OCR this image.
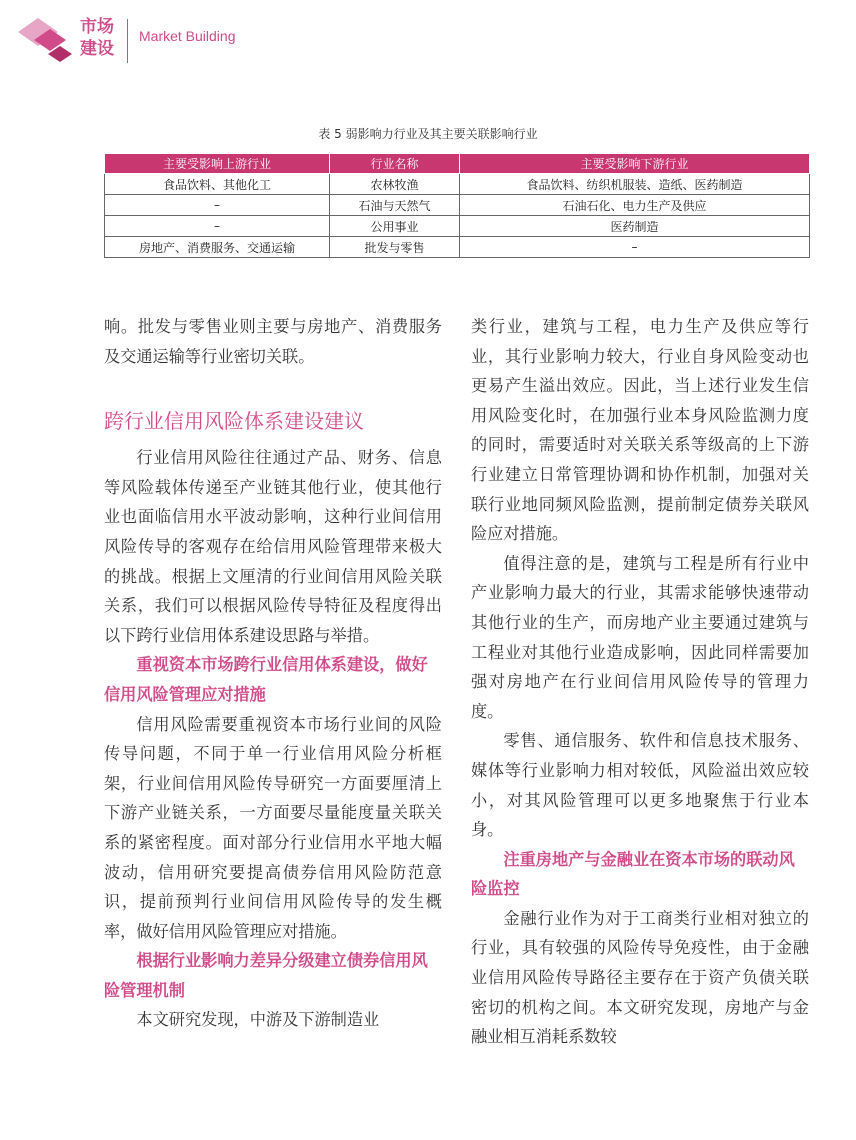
市场
建设
Market Building
表 5 弱影响力行业及其主要关联影响行业
主要受影响上游行业	行业名称	主要受影响下游行业
食品饮料、其他化工	农林牧渔	食品饮料、纺织机服装、造纸、医药制造
–	石油与天然气	石油石化、电力生产及供应
–	公用事业	医药制造
房地产、消费服务、交通运输	批发与零售	–

响。批发与零售业则主要与房地产、消费服务及交通运输等行业密切关联。

跨行业信用风险体系建设建议

行业信用风险往往通过产品、财务、信息等风险载体传递至产业链其他行业，使其他行业也面临信用水平波动影响，这种行业间信用风险传导的客观存在给信用风险管理带来极大的挑战。根据上文厘清的行业间信用风险关联关系，我们可以根据风险传导特征及程度得出以下跨行业信用体系建设思路与举措。

重视资本市场跨行业信用体系建设，做好信用风险管理应对措施

信用风险需要重视资本市场行业间的风险传导问题，不同于单一行业信用风险分析框架，行业间信用风险传导研究一方面要厘清上下游产业链关系，一方面要尽量能度量关联关系的紧密程度。面对部分行业信用水平地大幅波动，信用研究要提高债券信用风险防范意识，提前预判行业间信用风险传导的发生概率，做好信用风险管理应对措施。

根据行业影响力差异分级建立债券信用风险管理机制

本文研究发现，中游及下游制造业

类行业，建筑与工程，电力生产及供应等行业，其行业影响力较大，行业自身风险变动也更易产生溢出效应。因此，当上述行业发生信用风险变化时，在加强行业本身风险监测力度的同时，需要适时对关联关系等级高的上下游行业建立日常管理协调和协作机制，加强对关联行业地同频风险监测，提前制定债券关联风险应对措施。

值得注意的是，建筑与工程是所有行业中产业影响力最大的行业，其需求能够快速带动其他行业的生产，而房地产业主要通过建筑与工程业对其他行业造成影响，因此同样需要加强对房地产在行业间信用风险传导的管理力度。

零售、通信服务、软件和信息技术服务、媒体等行业影响力相对较低，风险溢出效应较小，对其风险管理可以更多地聚焦于行业本身。

注重房地产与金融业在资本市场的联动风险监控

金融行业作为对于工商类行业相对独立的行业，具有较强的风险传导免疫性，由于金融业信用风险传导路径主要存在于资产负债关联密切的机构之间。本文研究发现，房地产与金融业相互消耗系数较
